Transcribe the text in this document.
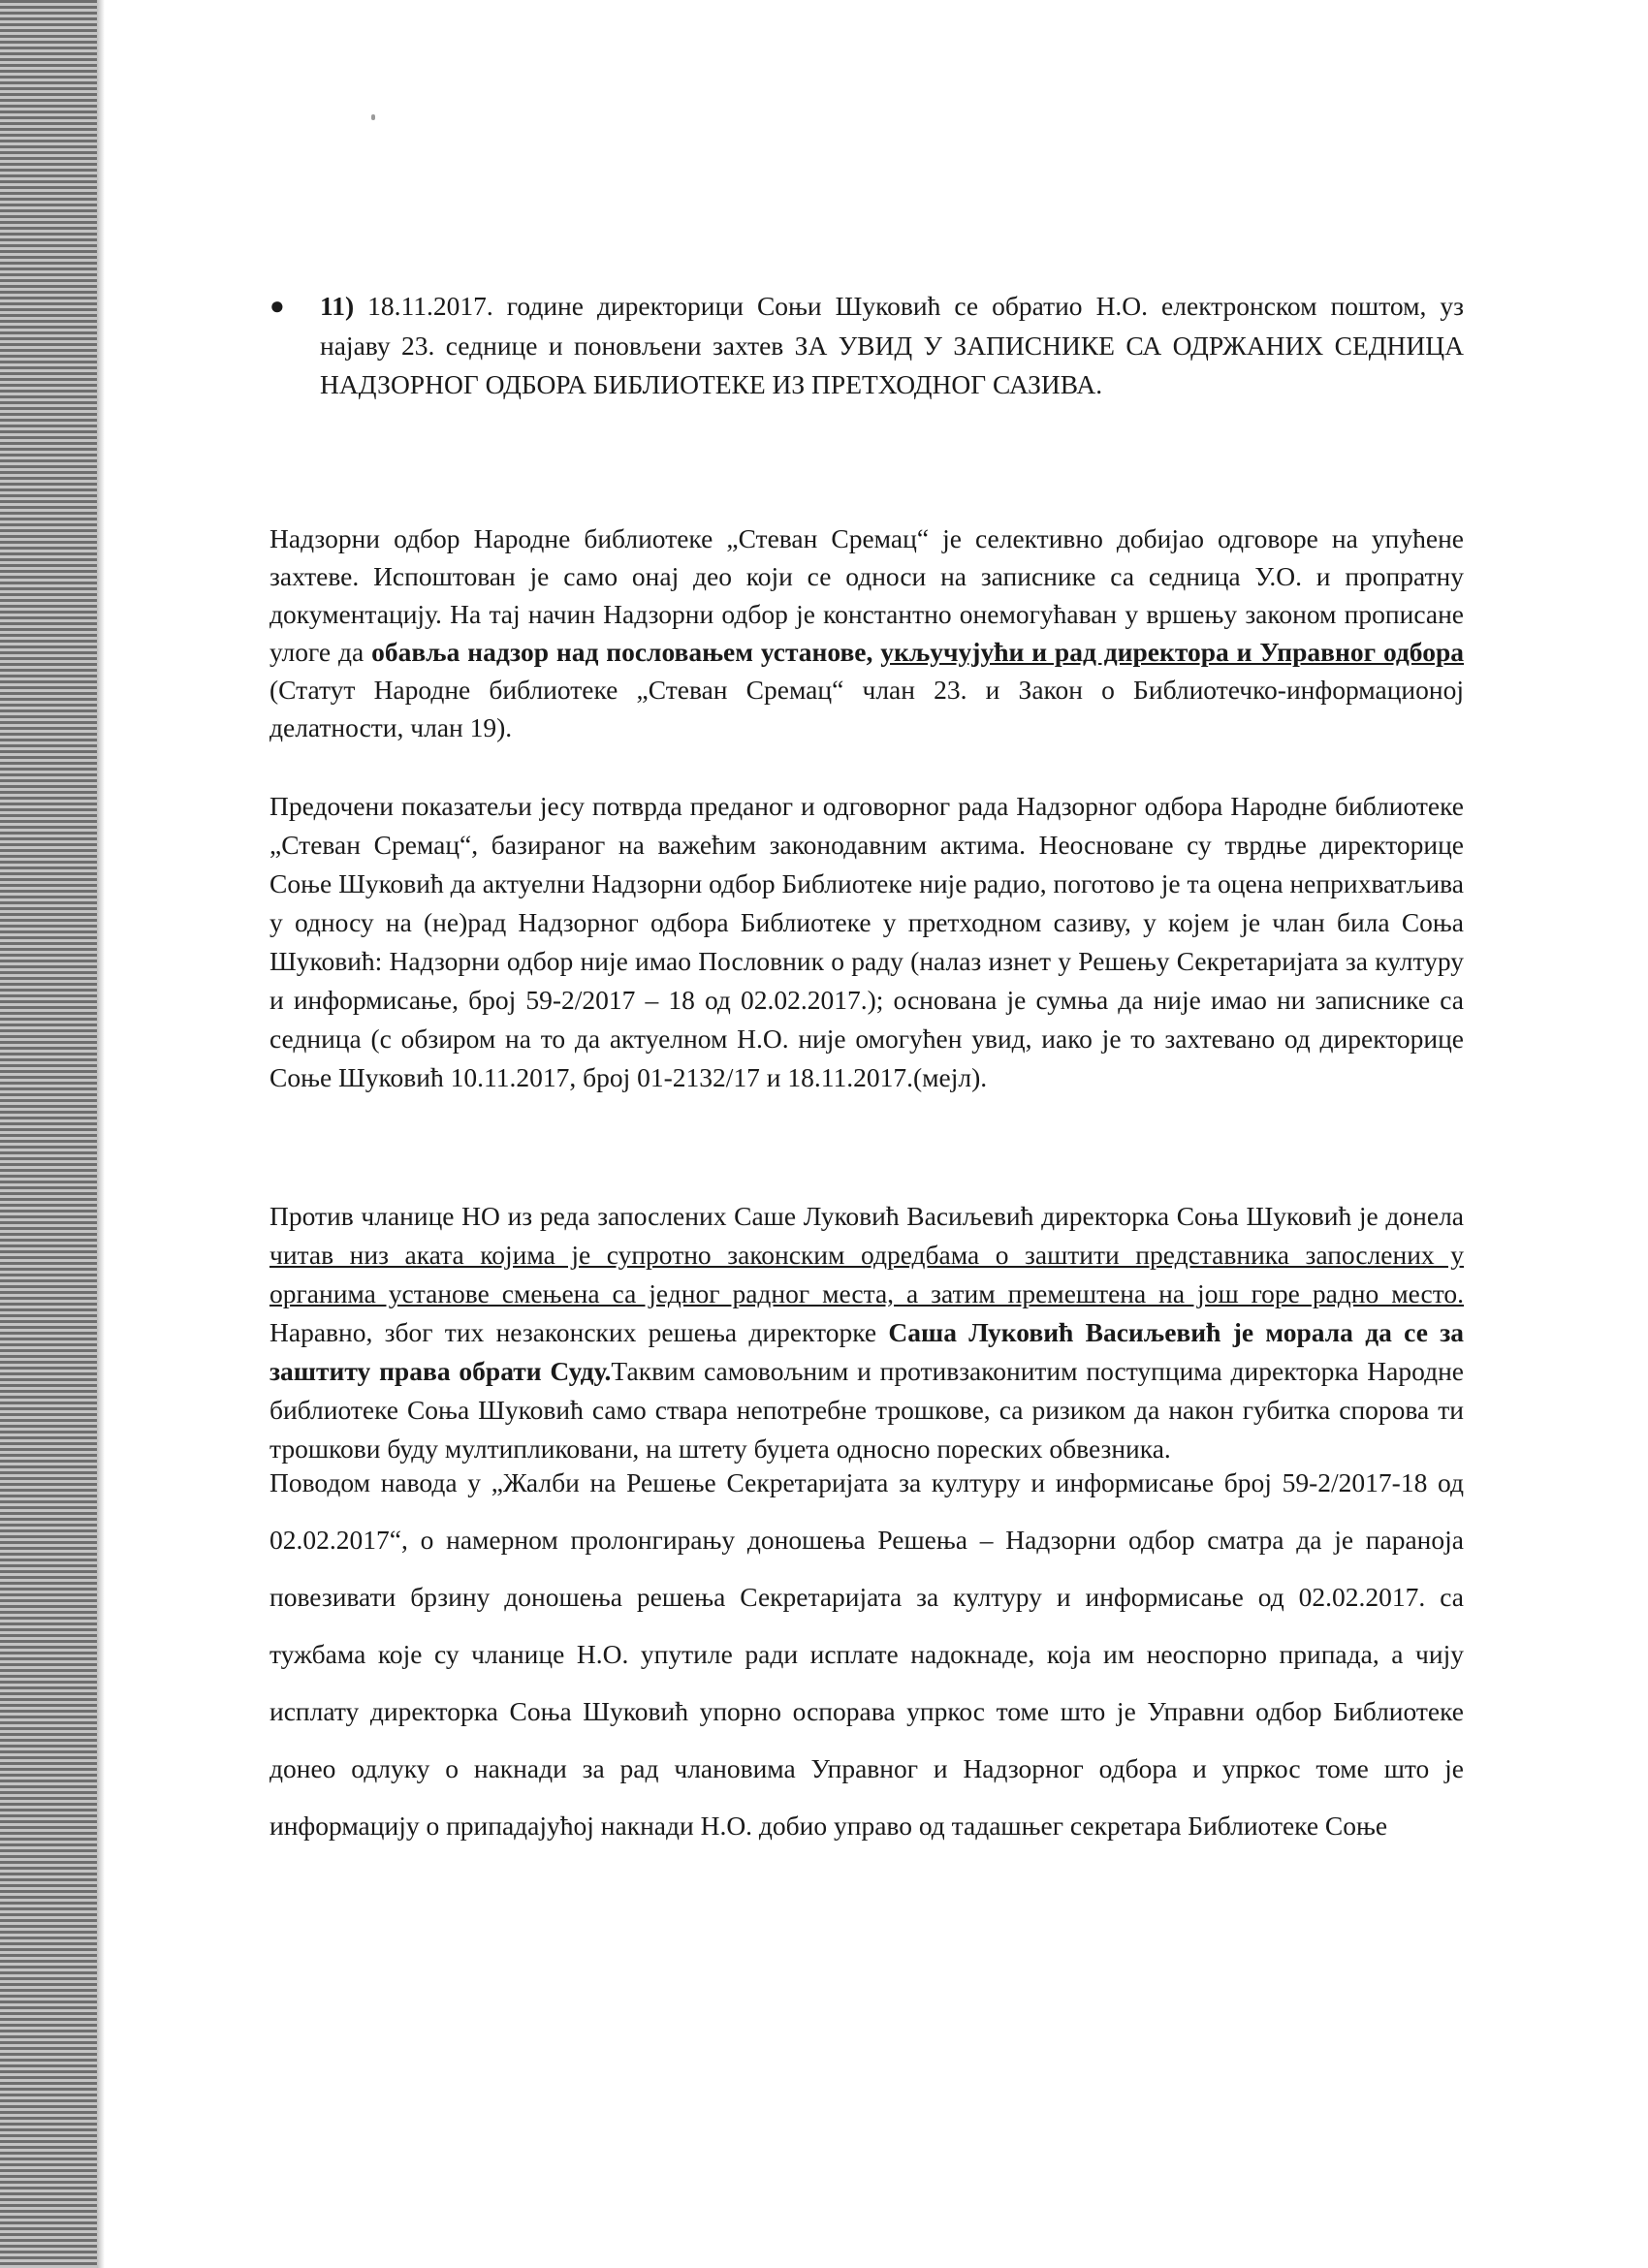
● 11) 18.11.2017. године директорици Соњи Шуковић се обратио Н.О. електронском поштом, уз најаву 23. седнице и поновљени захтев ЗА УВИД У ЗАПИСНИКЕ СА ОДРЖАНИХ СЕДНИЦА НАДЗОРНОГ ОДБОРА БИБЛИОТЕКЕ ИЗ ПРЕТХОДНОГ САЗИВА.

Надзорни одбор Народне библиотеке „Стеван Сремац“ је селективно добијао одговоре на упућене захтеве. Испоштован је само онај део који се односи на записнике са седница У.О. и пропратну документацију. На тај начин Надзорни одбор је константно онемогућаван у вршењу законом прописане улоге да обавља надзор над пословањем установе, укључујући и рад директора и Управног одбора (Статут Народне библиотеке „Стеван Сремац“ члан 23. и Закон о Библиотечко-информационој делатности, члан 19).

Предочени показатељи јесу потврда преданог и одговорног рада Надзорног одбора Народне библиотеке „Стеван Сремац“, базираног на важећим законодавним актима. Неосноване су тврдње директорице Соње Шуковић да актуелни Надзорни одбор Библиотеке није радио, поготово је та оцена неприхватљива у односу на (не)рад Надзорног одбора Библиотеке у претходном сазиву, у којем је члан била Соња Шуковић: Надзорни одбор није имао Пословник о раду (налаз изнет у Решењу Секретаријата за културу и информисање, број 59-2/2017 – 18 од 02.02.2017.); основана је сумња да није имао ни записнике са седница (с обзиром на то да актуелном Н.О. није омогућен увид, иако је то захтевано од директорице Соње Шуковић 10.11.2017, број 01-2132/17 и 18.11.2017.(мејл).

Против чланице НО из реда запослених Саше Луковић Васиљевић директорка Соња Шуковић је донела читав низ аката којима је супротно законским одредбама о заштити представника запослених у органима установе смењена са једног радног места, а затим премештена на још горе радно место. Наравно, због тих незаконских решења директорке Саша Луковић Васиљевић је морала да се за заштиту права обрати Суду.Таквим самовољним и противзаконитим поступцима директорка Народне библиотеке Соња Шуковић само ствара непотребне трошкове, са ризиком да након губитка спорова ти трошкови буду мултипликовани, на штету буџета односно пореских обвезника.

Поводом навода у „Жалби на Решење Секретаријата за културу и информисање број 59-2/2017-18 од 02.02.2017“, о намерном пролонгирању доношења Решења – Надзорни одбор сматра да је параноја повезивати брзину доношења решења Секретаријата за културу и информисање од 02.02.2017. са тужбама које су чланице Н.О. упутиле ради исплате надокнаде, која им неоспорно припада, а чију исплату директорка Соња Шуковић упорно оспорава упркос томе што је Управни одбор Библиотеке донео одлуку о накнади за рад члановима Управног и Надзорног одбора и упркос томе што је информацију о припадајућој накнади Н.О. добио управо од тадашњег секретара Библиотеке Соње
